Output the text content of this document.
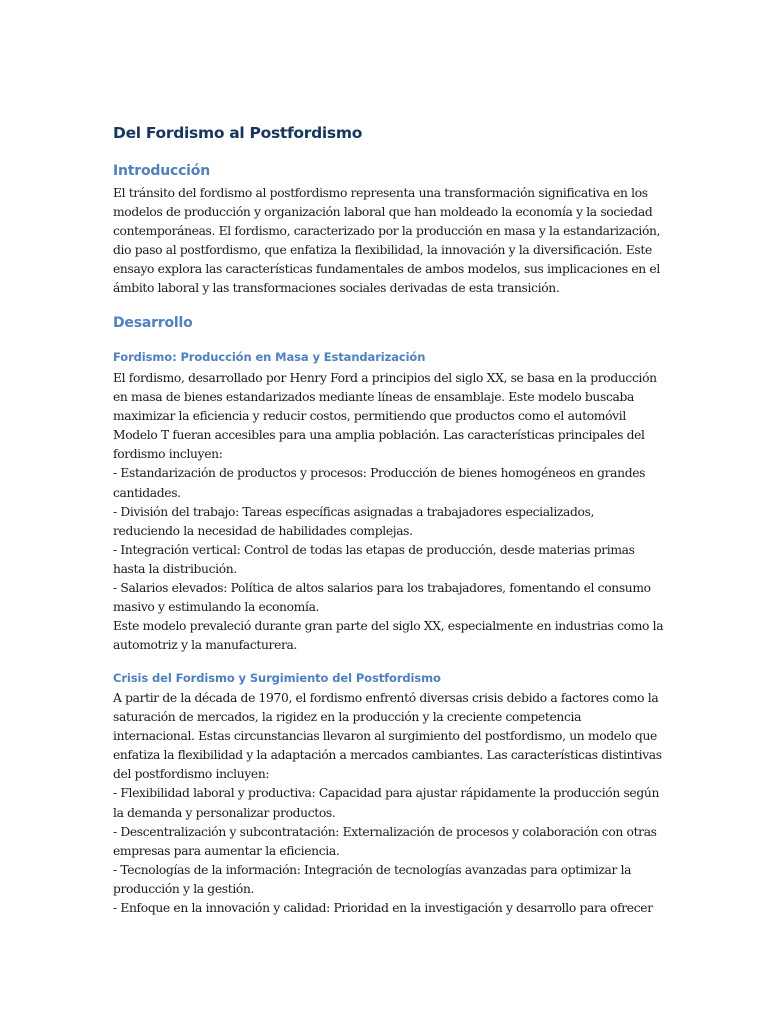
Del Fordismo al Postfordismo
Introducción
El tránsito del fordismo al postfordismo representa una transformación significativa en los
modelos de producción y organización laboral que han moldeado la economía y la sociedad
contemporáneas. El fordismo, caracterizado por la producción en masa y la estandarización,
dio paso al postfordismo, que enfatiza la flexibilidad, la innovación y la diversificación. Este
ensayo explora las características fundamentales de ambos modelos, sus implicaciones en el
ámbito laboral y las transformaciones sociales derivadas de esta transición.
Desarrollo
Fordismo: Producción en Masa y Estandarización
El fordismo, desarrollado por Henry Ford a principios del siglo XX, se basa en la producción
en masa de bienes estandarizados mediante líneas de ensamblaje. Este modelo buscaba
maximizar la eficiencia y reducir costos, permitiendo que productos como el automóvil
Modelo T fueran accesibles para una amplia población. Las características principales del
fordismo incluyen:
- Estandarización de productos y procesos: Producción de bienes homogéneos en grandes
cantidades.
- División del trabajo: Tareas específicas asignadas a trabajadores especializados,
reduciendo la necesidad de habilidades complejas.
- Integración vertical: Control de todas las etapas de producción, desde materias primas
hasta la distribución.
- Salarios elevados: Política de altos salarios para los trabajadores, fomentando el consumo
masivo y estimulando la economía.
Este modelo prevaleció durante gran parte del siglo XX, especialmente en industrias como la
automotriz y la manufacturera.
Crisis del Fordismo y Surgimiento del Postfordismo
A partir de la década de 1970, el fordismo enfrentó diversas crisis debido a factores como la
saturación de mercados, la rigidez en la producción y la creciente competencia
internacional. Estas circunstancias llevaron al surgimiento del postfordismo, un modelo que
enfatiza la flexibilidad y la adaptación a mercados cambiantes. Las características distintivas
del postfordismo incluyen:
- Flexibilidad laboral y productiva: Capacidad para ajustar rápidamente la producción según
la demanda y personalizar productos.
- Descentralización y subcontratación: Externalización de procesos y colaboración con otras
empresas para aumentar la eficiencia.
- Tecnologías de la información: Integración de tecnologías avanzadas para optimizar la
producción y la gestión.
- Enfoque en la innovación y calidad: Prioridad en la investigación y desarrollo para ofrecer
